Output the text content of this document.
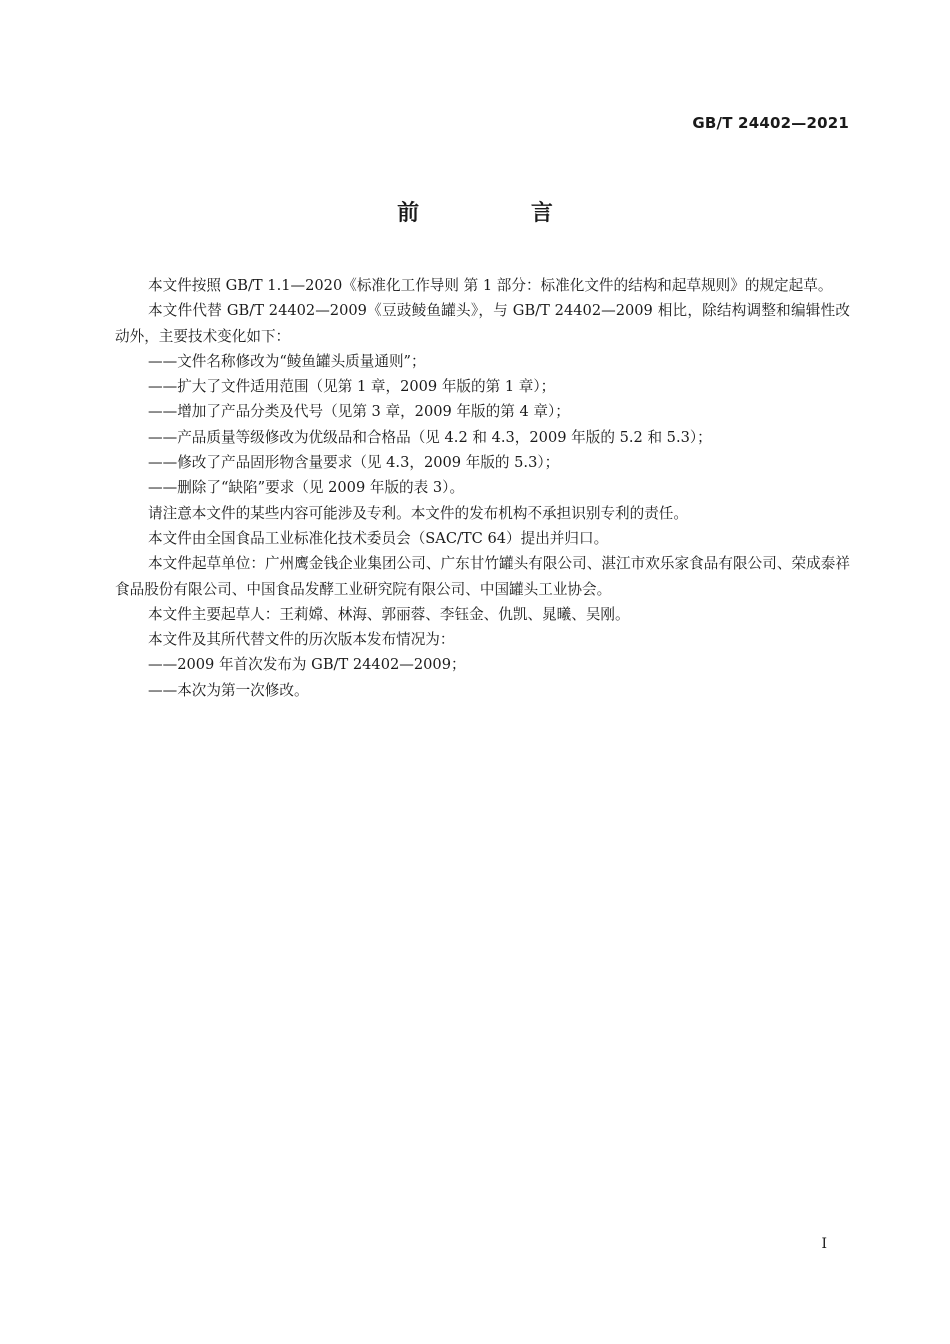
GB/T 24402—2021
前 言

本文件按照 GB/T 1.1—2020《标准化工作导则 第 1 部分：标准化文件的结构和起草规则》的规定起草。

本文件代替 GB/T 24402—2009《豆豉鲮鱼罐头》，与 GB/T 24402—2009 相比，除结构调整和编辑性改动外，主要技术变化如下：

——文件名称修改为“鲮鱼罐头质量通则”；

——扩大了文件适用范围（见第 1 章，2009 年版的第 1 章）；

——增加了产品分类及代号（见第 3 章，2009 年版的第 4 章）；

——产品质量等级修改为优级品和合格品（见 4.2 和 4.3，2009 年版的 5.2 和 5.3）；

——修改了产品固形物含量要求（见 4.3，2009 年版的 5.3）；

——删除了“缺陷”要求（见 2009 年版的表 3）。

请注意本文件的某些内容可能涉及专利。本文件的发布机构不承担识别专利的责任。

本文件由全国食品工业标准化技术委员会（SAC/TC 64）提出并归口。

本文件起草单位：广州鹰金钱企业集团公司、广东甘竹罐头有限公司、湛江市欢乐家食品有限公司、荣成泰祥食品股份有限公司、中国食品发酵工业研究院有限公司、中国罐头工业协会。

本文件主要起草人：王莉嫦、林海、郭丽蓉、李钰金、仇凯、晁曦、吴刚。

本文件及其所代替文件的历次版本发布情况为：

——2009 年首次发布为 GB/T 24402—2009；

——本次为第一次修改。

I
